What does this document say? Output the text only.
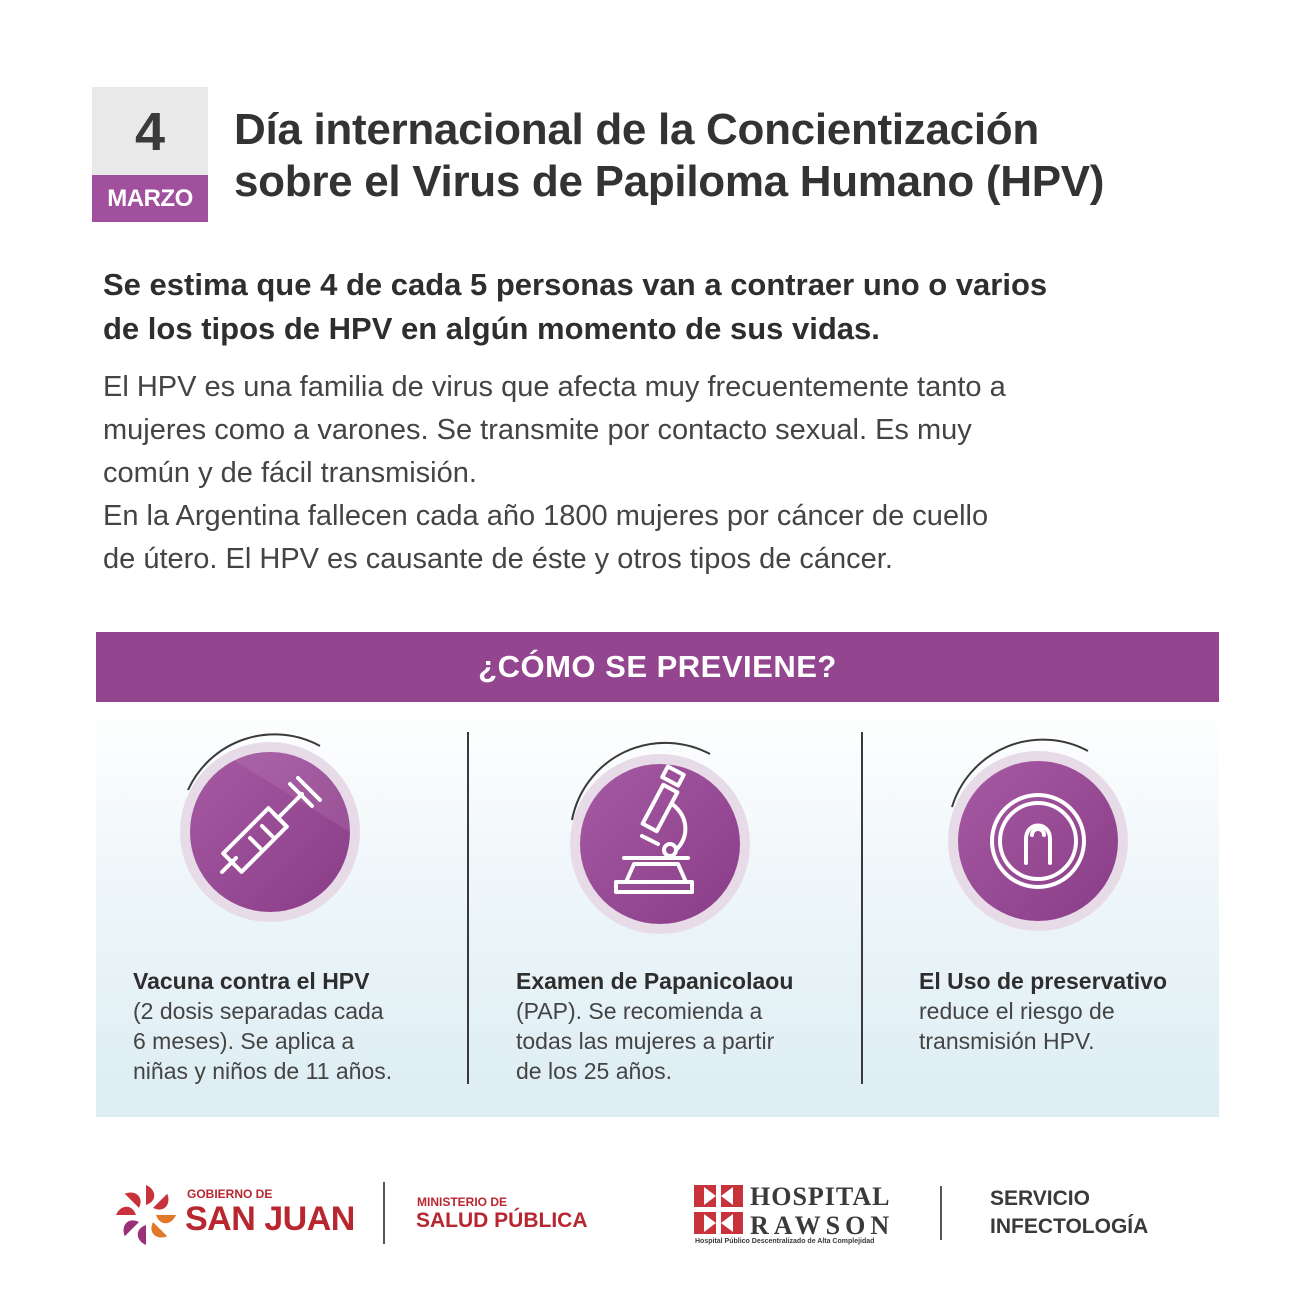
4
MARZO
Día internacional de la Concientización
sobre el Virus de Papiloma Humano (HPV)
Se estima que 4 de cada 5 personas van a contraer uno o varios
de los tipos de HPV en algún momento de sus vidas.

El HPV es una familia de virus que afecta muy frecuentemente tanto a

mujeres como a varones. Se transmite por contacto sexual. Es muy

común y de fácil transmisión.

En la Argentina fallecen cada año 1800 mujeres por cáncer de cuello

de útero. El HPV es causante de éste y otros tipos de cáncer.

¿CÓMO SE PREVIENE?
Vacuna contra el HPV
(2 dosis separadas cada
6 meses). Se aplica a
niñas y niños de 11 años.
Examen de Papanicolaou
(PAP). Se recomienda a
todas las mujeres a partir
de los 25 años.
El Uso de preservativo
reduce el riesgo de
transmisión HPV.
GOBIERNO DE
SAN JUAN	MINISTERIO DE
SALUD PÚBLICA
HOSPITAL
RAWSON
Hospital Público Descentralizado de Alta Complejidad
SERVICIO
INFECTOLOGÍA
